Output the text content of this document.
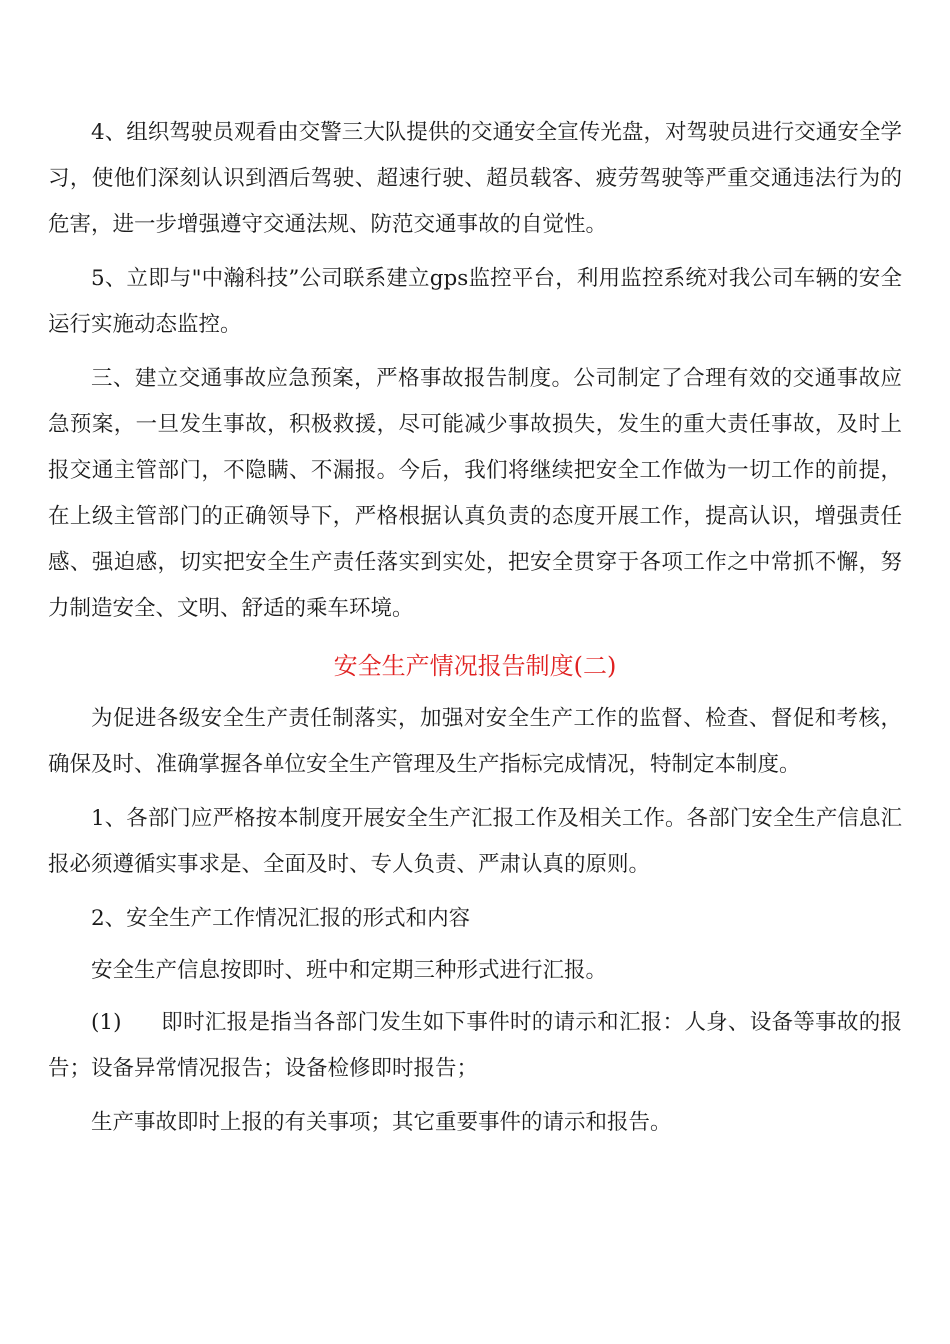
4、组织驾驶员观看由交警三大队提供的交通安全宣传光盘，对驾驶员进行交通安全学习，使他们深刻认识到酒后驾驶、超速行驶、超员载客、疲劳驾驶等严重交通违法行为的危害，进一步增强遵守交通法规、防范交通事故的自觉性。

5、立即与"中瀚科技”公司联系建立gps监控平台，利用监控系统对我公司车辆的安全运行实施动态监控。

三、建立交通事故应急预案，严格事故报告制度。公司制定了合理有效的交通事故应急预案，一旦发生事故，积极救援，尽可能减少事故损失，发生的重大责任事故，及时上报交通主管部门，不隐瞒、不漏报。今后，我们将继续把安全工作做为一切工作的前提，在上级主管部门的正确领导下，严格根据认真负责的态度开展工作，提高认识，增强责任感、强迫感，切实把安全生产责任落实到实处，把安全贯穿于各项工作之中常抓不懈，努力制造安全、文明、舒适的乘车环境。

安全生产情况报告制度(二)

为促进各级安全生产责任制落实，加强对安全生产工作的监督、检查、督促和考核，确保及时、准确掌握各单位安全生产管理及生产指标完成情况，特制定本制度。

1、各部门应严格按本制度开展安全生产汇报工作及相关工作。各部门安全生产信息汇报必须遵循实事求是、全面及时、专人负责、严肃认真的原则。

2、安全生产工作情况汇报的形式和内容

安全生产信息按即时、班中和定期三种形式进行汇报。

(1) 即时汇报是指当各部门发生如下事件时的请示和汇报：人身、设备等事故的报告；设备异常情况报告；设备检修即时报告；

生产事故即时上报的有关事项；其它重要事件的请示和报告。
